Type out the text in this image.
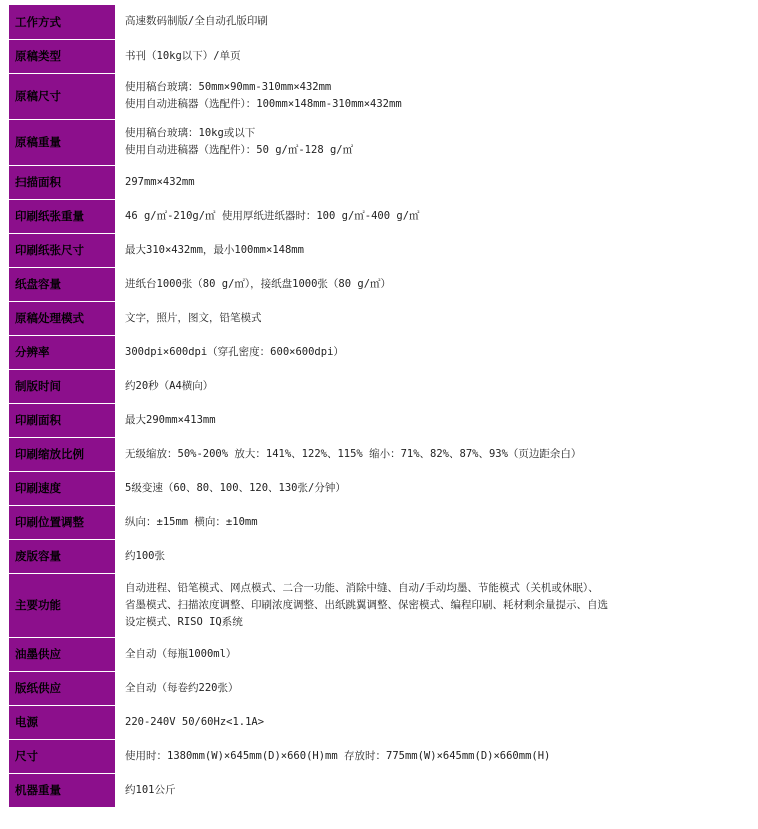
工作方式	高速数码制版/全自动孔版印刷

原稿类型	书刊（10kg以下）/单页

原稿尺寸	使用稿台玻璃：50mm×90mm-310mm×432mm
使用自动进稿器（选配件）：100mm×148mm-310mm×432mm

原稿重量	使用稿台玻璃：10kg或以下
使用自动进稿器（选配件）：50 g/㎡-128 g/㎡

扫描面积	297mm×432mm

印刷纸张重量	46 g/㎡-210g/㎡ 使用厚纸进纸器时：100 g/㎡-400 g/㎡

印刷纸张尺寸	最大310×432mm，最小100mm×148mm

纸盘容量	进纸台1000张（80 g/㎡），接纸盘1000张（80 g/㎡）

原稿处理模式	文字，照片，图文，铅笔模式

分辨率	300dpi×600dpi（穿孔密度：600×600dpi）

制版时间	约20秒（A4横向）

印刷面积	最大290mm×413mm

印刷缩放比例	无级缩放：50%-200% 放大：141%、122%、115% 缩小：71%、82%、87%、93%（页边距余白）

印刷速度	5级变速（60、80、100、120、130张/分钟）

印刷位置调整	纵向：±15mm 横向：±10mm

废版容量	约100张

主要功能	自动进程、铅笔模式、网点模式、二合一功能、消除中缝、自动/手动均墨、节能模式（关机或休眠）、
省墨模式、扫描浓度调整、印刷浓度调整、出纸跳翼调整、保密模式、编程印刷、耗材剩余量提示、自选
设定模式、RISO IQ系统

油墨供应	全自动（每瓶1000ml）

版纸供应	全自动（每卷约220张）

电源	220-240V 50/60Hz<1.1A>

尺寸	使用时：1380mm(W)×645mm(D)×660(H)mm 存放时：775mm(W)×645mm(D)×660mm(H)

机器重量	约101公斤
